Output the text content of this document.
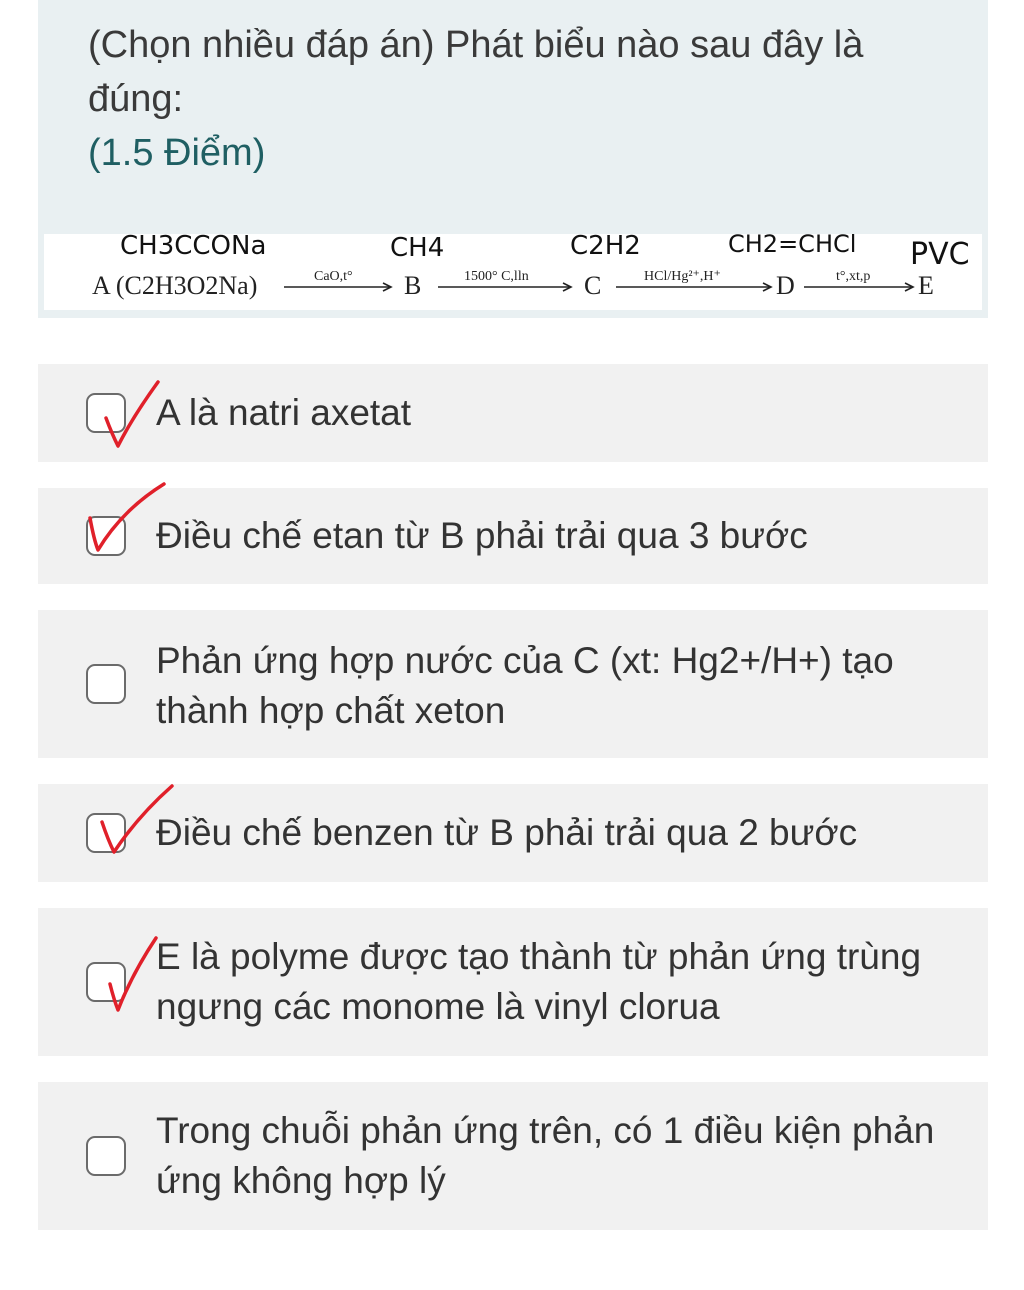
(Chọn nhiều đáp án) Phát biểu nào sau đây là đúng:
(1.5 Điểm)
CH3CCONa	CH4	C2H2	CH2=CHCl PVC
A (C2H3O2Na)	B	C	D	E
CaO,t°	1500° C,lln	HCl/Hg²⁺,H⁺	t°,xt,p
A là natri axetat
Điều chế etan từ B phải trải qua 3 bước
Phản ứng hợp nước của C (xt: Hg2+/H+) tạo thành hợp chất xeton
Điều chế benzen từ B phải trải qua 2 bước
E là polyme được tạo thành từ phản ứng trùng ngưng các monome là vinyl clorua
Trong chuỗi phản ứng trên, có 1 điều kiện phản ứng không hợp lý
